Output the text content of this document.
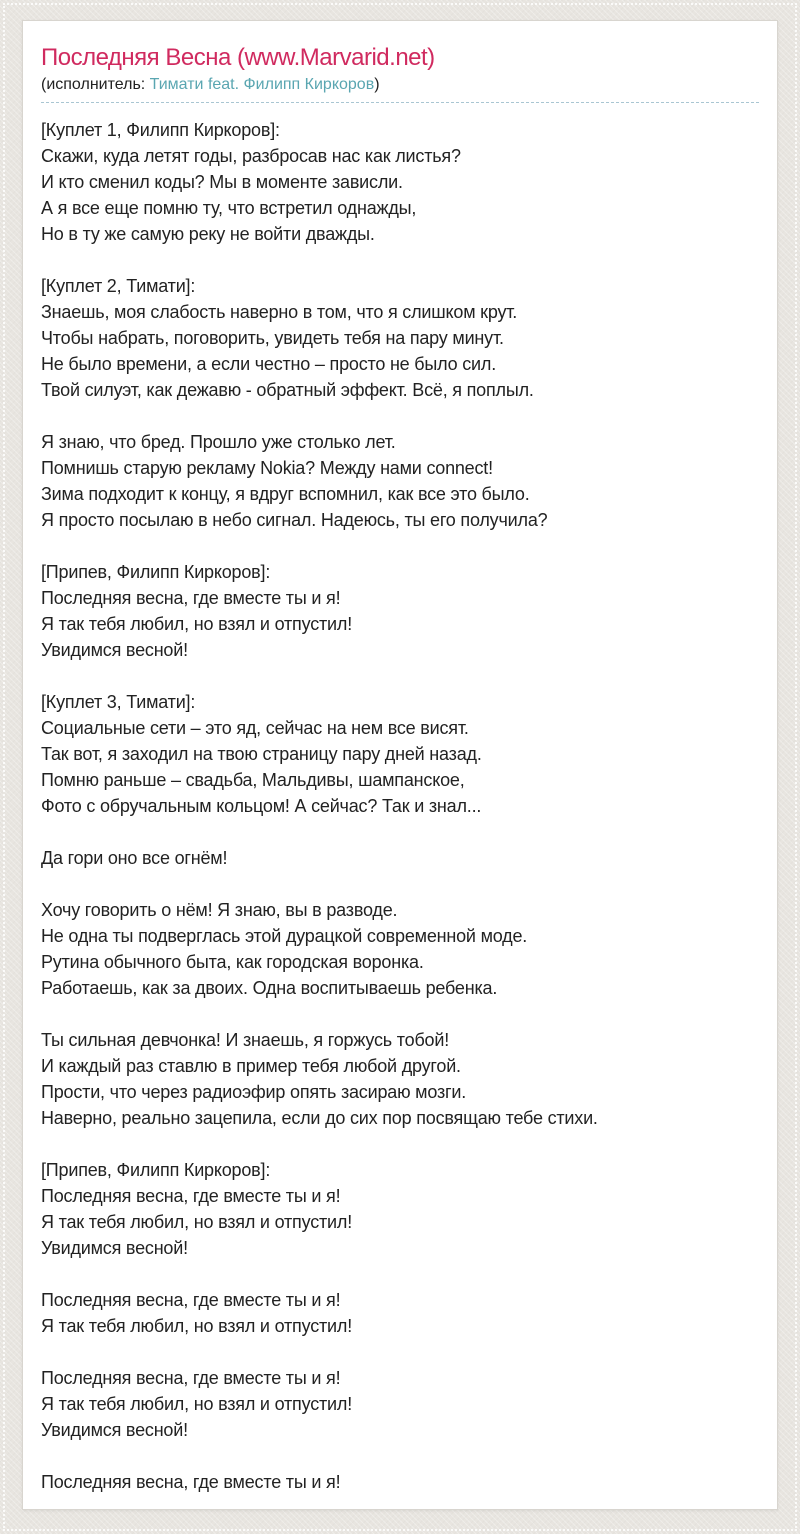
Последняя Весна (www.Marvarid.net)
(исполнитель: Тимати feat. Филипп Киркоров)

[Куплет 1, Филипп Киркоров]:
Скажи, куда летят годы, разбросав нас как листья?
И кто сменил коды? Мы в моменте зависли.
А я все еще помню ту, что встретил однажды,
Но в ту же самую реку не войти дважды.

[Куплет 2, Тимати]:
Знаешь, моя слабость наверно в том, что я слишком крут.
Чтобы набрать, поговорить, увидеть тебя на пару минут.
Не было времени, а если честно – просто не было сил.
Твой силуэт, как дежавю - обратный эффект. Всё, я поплыл.

Я знаю, что бред. Прошло уже столько лет.
Помнишь старую рекламу Nokia? Между нами connect!
Зима подходит к концу, я вдруг вспомнил, как все это было.
Я просто посылаю в небо сигнал. Надеюсь, ты его получила?

[Припев, Филипп Киркоров]:
Последняя весна, где вместе ты и я!
Я так тебя любил, но взял и отпустил!
Увидимся весной!

[Куплет 3, Тимати]:
Социальные сети – это яд, сейчас на нем все висят.
Так вот, я заходил на твою страницу пару дней назад.
Помню раньше – свадьба, Мальдивы, шампанское,
Фото с обручальным кольцом! А сейчас? Так и знал...

Да гори оно все огнём!

Хочу говорить о нём! Я знаю, вы в разводе.
Не одна ты подверглась этой дурацкой современной моде.
Рутина обычного быта, как городская воронка.
Работаешь, как за двоих. Одна воспитываешь ребенка.

Ты сильная девчонка! И знаешь, я горжусь тобой!
И каждый раз ставлю в пример тебя любой другой.
Прости, что через радиоэфир опять засираю мозги.
Наверно, реально зацепила, если до сих пор посвящаю тебе стихи.

[Припев, Филипп Киркоров]:
Последняя весна, где вместе ты и я!
Я так тебя любил, но взял и отпустил!
Увидимся весной!

Последняя весна, где вместе ты и я!
Я так тебя любил, но взял и отпустил!

Последняя весна, где вместе ты и я!
Я так тебя любил, но взял и отпустил!
Увидимся весной!

Последняя весна, где вместе ты и я!
